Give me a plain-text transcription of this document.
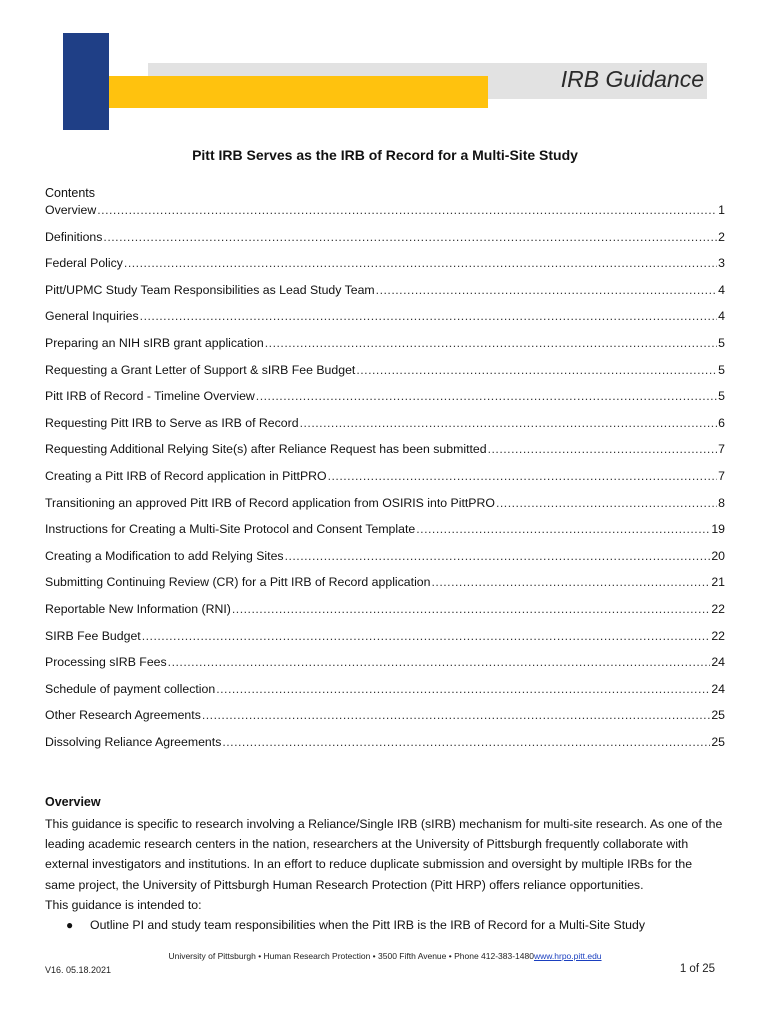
IRB Guidance
Pitt IRB Serves as the IRB of Record for a Multi-Site Study
Contents
Overview .....	1
Definitions .....	2
Federal Policy .....	3
Pitt/UPMC Study Team Responsibilities as Lead Study Team .....	4
General Inquiries .....	4
Preparing an NIH sIRB grant application .....	5
Requesting a Grant Letter of Support & sIRB Fee Budget .....	5
Pitt IRB of Record - Timeline Overview .....	5
Requesting Pitt IRB to Serve as IRB of Record .....	6
Requesting Additional Relying Site(s) after Reliance Request has been submitted .....	7
Creating a Pitt IRB of Record application in PittPRO .....	7
Transitioning an approved Pitt IRB of Record application from OSIRIS into PittPRO .....	8
Instructions for Creating a Multi-Site Protocol and Consent Template .....	19
Creating a Modification to add Relying Sites .....	20
Submitting Continuing Review (CR) for a Pitt IRB of Record application .....	21
Reportable New Information (RNI) .....	22
SIRB Fee Budget .....	22
Processing sIRB Fees .....	24
Schedule of payment collection .....	24
Other Research Agreements .....	25
Dissolving Reliance Agreements .....	25
Overview

This guidance is specific to research involving a Reliance/Single IRB (sIRB) mechanism for multi-site research. As one of the leading academic research centers in the nation, researchers at the University of Pittsburgh frequently collaborate with external investigators and institutions. In an effort to reduce duplicate submission and oversight by multiple IRBs for the same project, the University of Pittsburgh Human Research Protection (Pitt HRP) offers reliance opportunities.

This guidance is intended to:

● Outline PI and study team responsibilities when the Pitt IRB is the IRB of Record for a Multi-Site Study
University of Pittsburgh • Human Research Protection • 3500 Fifth Avenue • Phone 412-383-1480www.hrpo.pitt.edu
V16. 05.18.2021	1 of 25
